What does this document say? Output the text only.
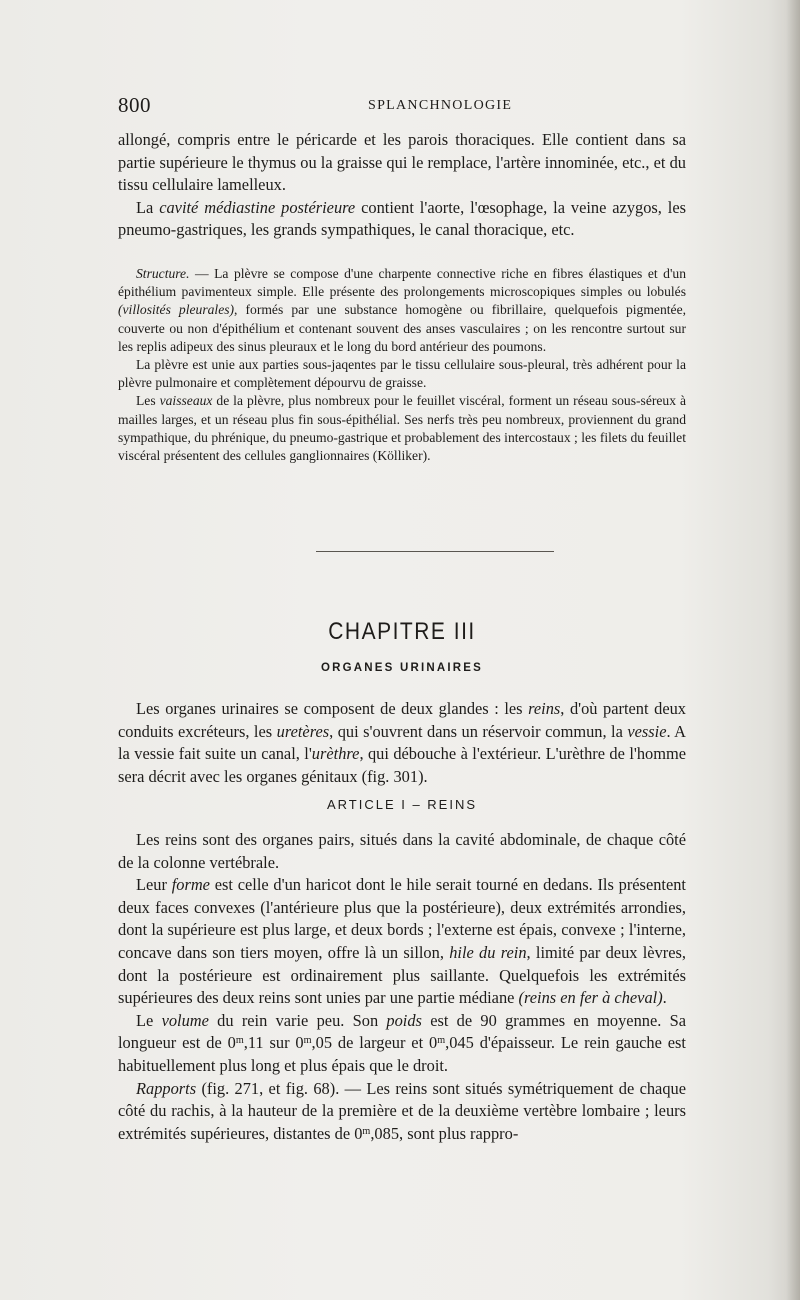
800	SPLANCHNOLOGIE

allongé, compris entre le péricarde et les parois thoraciques. Elle contient dans sa partie supérieure le thymus ou la graisse qui le remplace, l'artère innominée, etc., et du tissu cellulaire lamelleux.

La cavité médiastine postérieure contient l'aorte, l'œsophage, la veine azygos, les pneumo-gastriques, les grands sympathiques, le canal thoracique, etc.

Structure. — La plèvre se compose d'une charpente connective riche en fibres élastiques et d'un épithélium pavimenteux simple. Elle présente des prolongements microscopiques simples ou lobulés (villosités pleurales), formés par une substance homogène ou fibrillaire, quelquefois pigmentée, couverte ou non d'épithélium et contenant souvent des anses vasculaires ; on les rencontre surtout sur les replis adipeux des sinus pleuraux et le long du bord antérieur des poumons.

La plèvre est unie aux parties sous-jaqentes par le tissu cellulaire sous-pleural, très adhérent pour la plèvre pulmonaire et complètement dépourvu de graisse.

Les vaisseaux de la plèvre, plus nombreux pour le feuillet viscéral, forment un réseau sous-séreux à mailles larges, et un réseau plus fin sous-épithélial. Ses nerfs très peu nombreux, proviennent du grand sympathique, du phrénique, du pneumo-gastrique et probablement des intercostaux ; les filets du feuillet viscéral présentent des cellules ganglionnaires (Kölliker).

CHAPITRE III
ORGANES URINAIRES

Les organes urinaires se composent de deux glandes : les reins, d'où partent deux conduits excréteurs, les uretères, qui s'ouvrent dans un réservoir commun, la vessie. A la vessie fait suite un canal, l'urèthre, qui débouche à l'extérieur. L'urèthre de l'homme sera décrit avec les organes génitaux (fig. 301).

ARTICLE I – REINS

Les reins sont des organes pairs, situés dans la cavité abdominale, de chaque côté de la colonne vertébrale.

Leur forme est celle d'un haricot dont le hile serait tourné en dedans. Ils présentent deux faces convexes (l'antérieure plus que la postérieure), deux extrémités arrondies, dont la supérieure est plus large, et deux bords ; l'externe est épais, convexe ; l'interne, concave dans son tiers moyen, offre là un sillon, hile du rein, limité par deux lèvres, dont la postérieure est ordinairement plus saillante. Quelquefois les extrémités supérieures des deux reins sont unies par une partie médiane (reins en fer à cheval).

Le volume du rein varie peu. Son poids est de 90 grammes en moyenne. Sa longueur est de 0$^m$,11 sur 0$^m$,05 de largeur et 0$^m$,045 d'épaisseur. Le rein gauche est habituellement plus long et plus épais que le droit.

Rapports (fig. 271, et fig. 68). — Les reins sont situés symétriquement de chaque côté du rachis, à la hauteur de la première et de la deuxième vertèbre lombaire ; leurs extrémités supérieures, distantes de 0$^m$,085, sont plus rappro-
